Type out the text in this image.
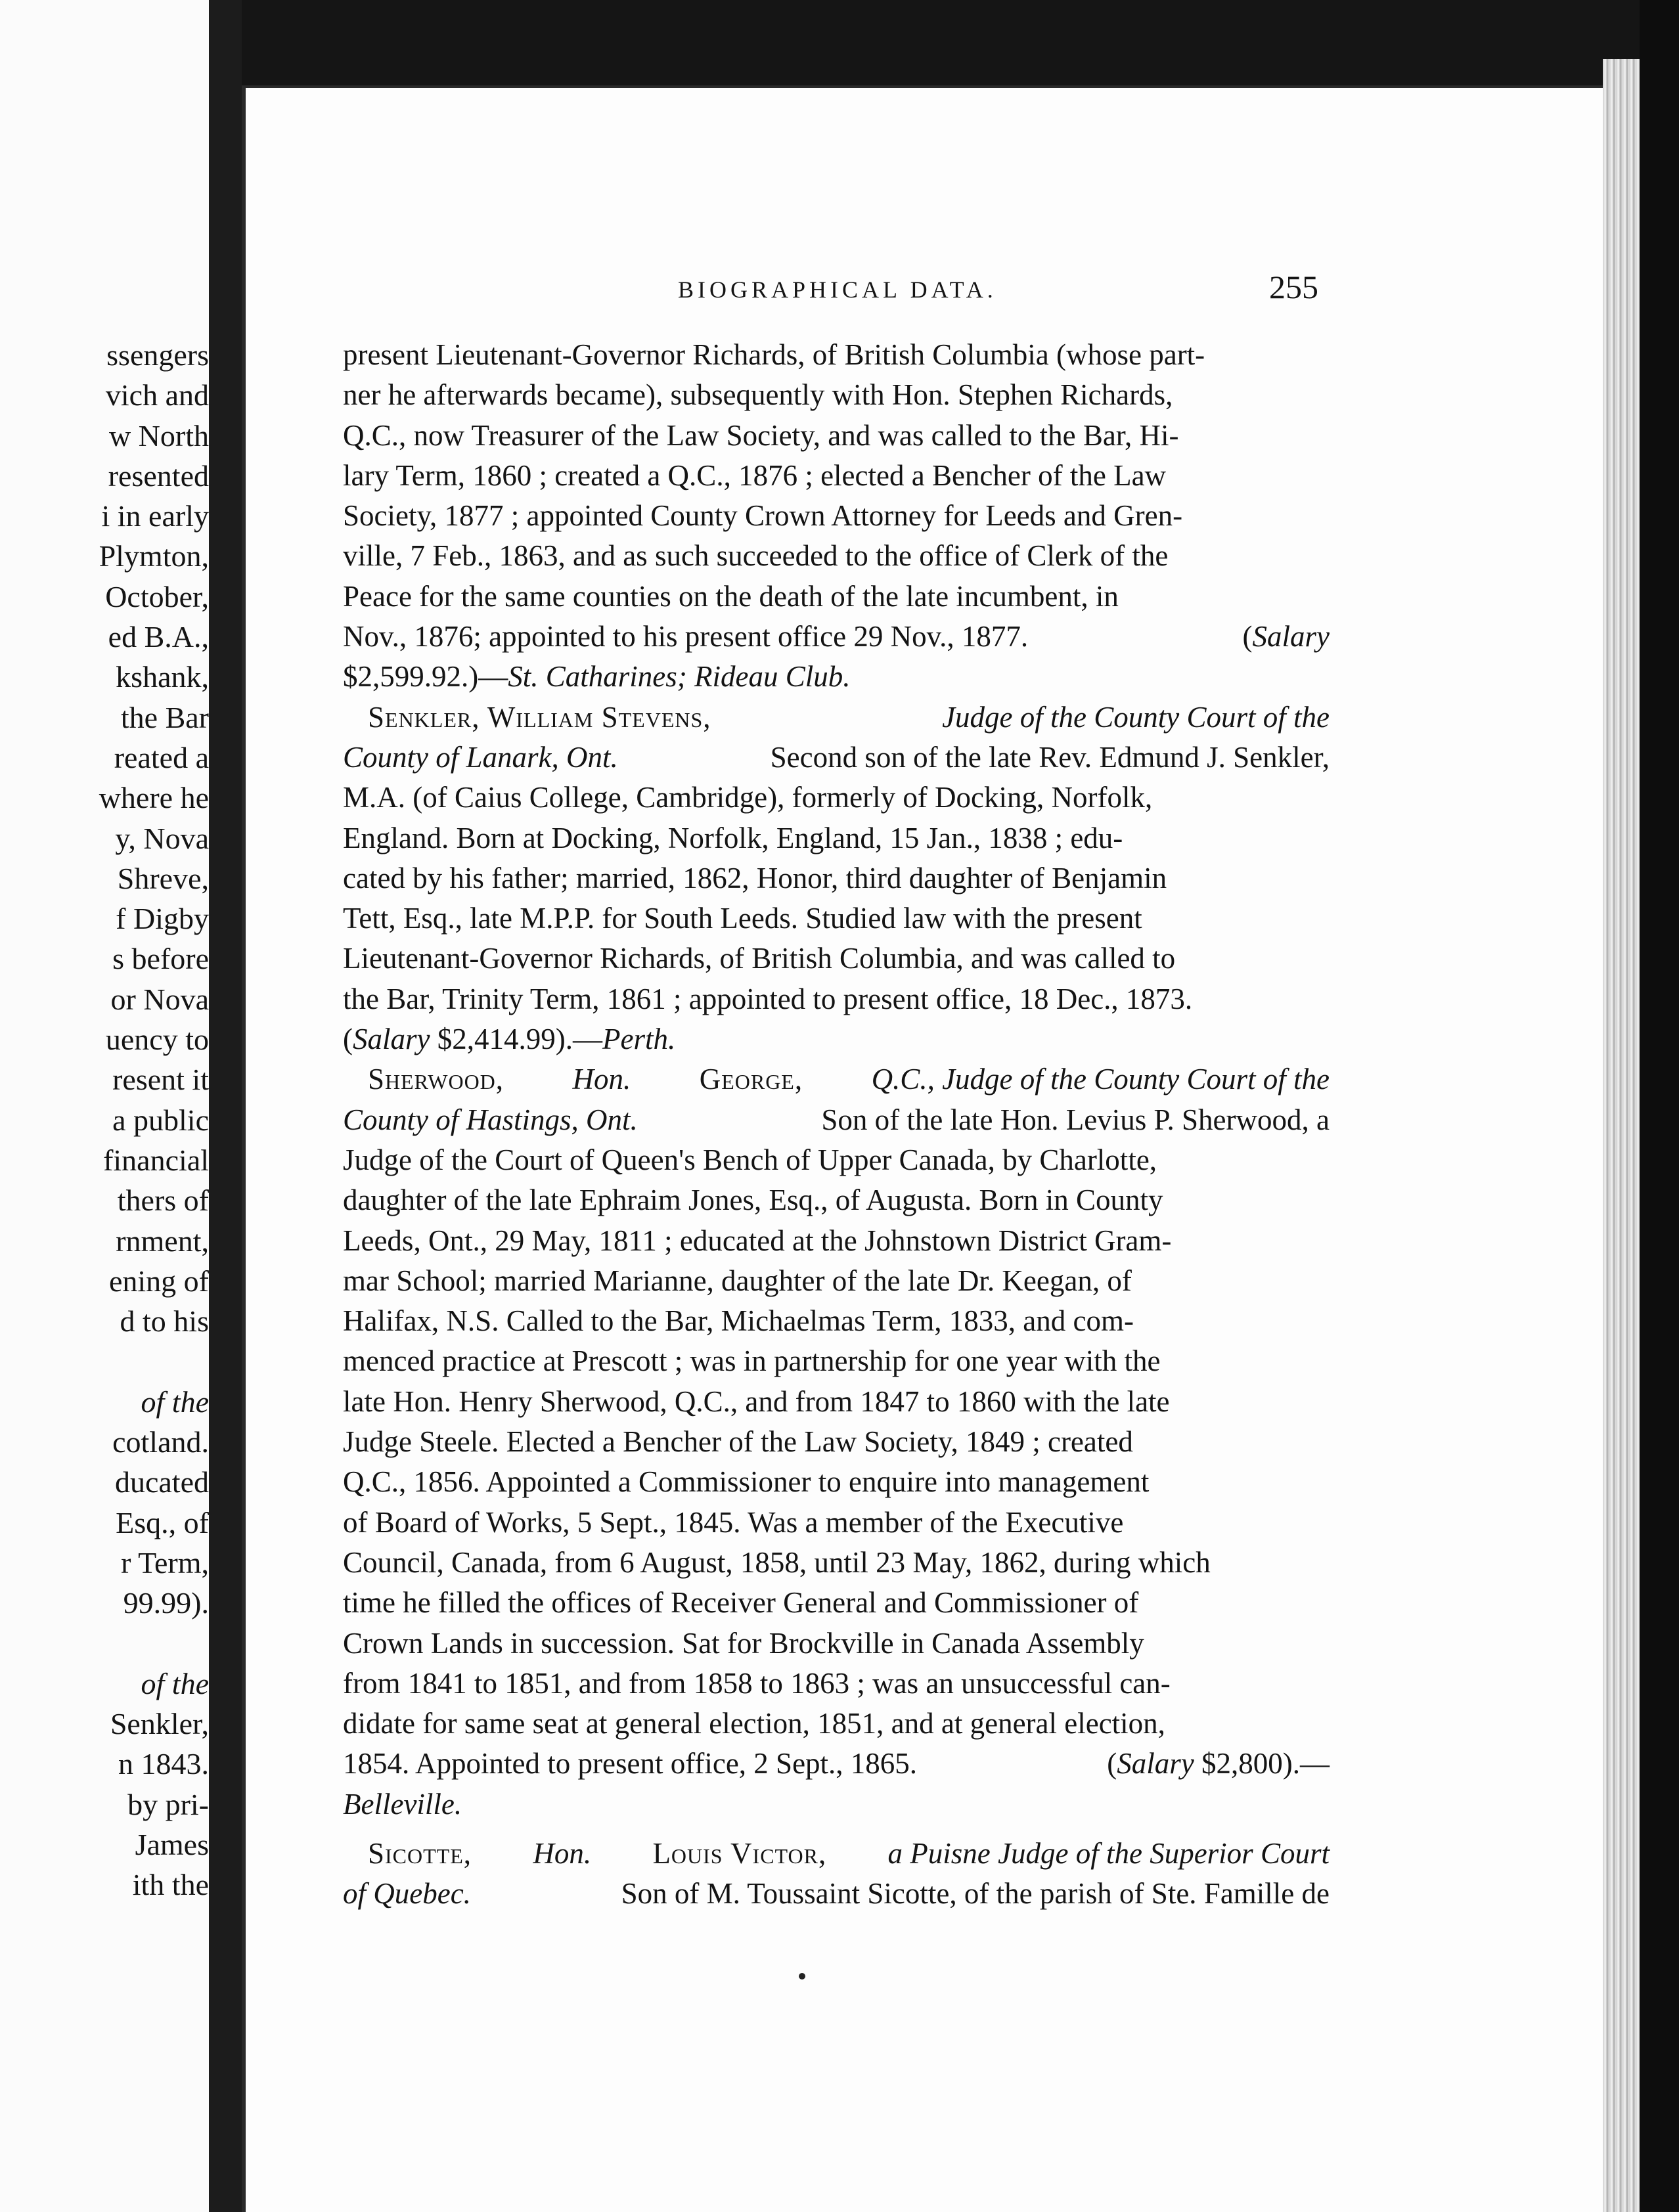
ssengers
vich and
w North
resented
i in early
Plymton,
October,
ed B.A.,
kshank,
the Bar
reated a
where he
y, Nova
Shreve,
f Digby
s before
or Nova
uency to
resent it
a public
financial
thers of
rnment,
ening of
d to his
of the
cotland.
ducated
Esq., of
r Term,
99.99).
of the
Senkler,
n 1843.
by pri-
James
ith the
BIOGRAPHICAL DATA.	255
present Lieutenant-Governor Richards, of British Columbia (whose part-
ner he afterwards became), subsequently with Hon. Stephen Richards,
Q.C., now Treasurer of the Law Society, and was called to the Bar, Hi-
lary Term, 1860 ; created a Q.C., 1876 ; elected a Bencher of the Law
Society, 1877 ; appointed County Crown Attorney for Leeds and Gren-
ville, 7 Feb., 1863, and as such succeeded to the office of Clerk of the
Peace for the same counties on the death of the late incumbent, in
Nov., 1876; appointed to his present office 29 Nov., 1877.	(Salary
$2,599.92.)— St. Catharines; Rideau Club.
Senkler, William Stevens,	Judge of the County Court of the
County of Lanark, Ont.	Second son of the late Rev. Edmund J. Senkler,
M.A. (of Caius College, Cambridge), formerly of Docking, Norfolk,
England. Born at Docking, Norfolk, England, 15 Jan., 1838 ; edu-
cated by his father; married, 1862, Honor, third daughter of Benjamin
Tett, Esq., late M.P.P. for South Leeds. Studied law with the present
Lieutenant-Governor Richards, of British Columbia, and was called to
the Bar, Trinity Term, 1861 ; appointed to present office, 18 Dec., 1873.
( Salary
$2,414.99).— Perth.
Sherwood, Hon. George, Q.C., Judge of the County Court of the
County of Hastings, Ont.	Son of the late Hon. Levius P. Sherwood, a
Judge of the Court of Queen's Bench of Upper Canada, by Charlotte,
daughter of the late Ephraim Jones, Esq., of Augusta. Born in County
Leeds, Ont., 29 May, 1811 ; educated at the Johnstown District Gram-
mar School; married Marianne, daughter of the late Dr. Keegan, of
Halifax, N.S. Called to the Bar, Michaelmas Term, 1833, and com-
menced practice at Prescott ; was in partnership for one year with the
late Hon. Henry Sherwood, Q.C., and from 1847 to 1860 with the late
Judge Steele. Elected a Bencher of the Law Society, 1849 ; created
Q.C., 1856. Appointed a Commissioner to enquire into management
of Board of Works, 5 Sept., 1845. Was a member of the Executive
Council, Canada, from 6 August, 1858, until 23 May, 1862, during which
time he filled the offices of Receiver General and Commissioner of
Crown Lands in succession. Sat for Brockville in Canada Assembly
from 1841 to 1851, and from 1858 to 1863 ; was an unsuccessful can-
didate for same seat at general election, 1851, and at general election,
1854. Appointed to present office, 2 Sept., 1865.	(Salary $2,800).—
Belleville.
Sicotte, Hon. Louis Victor, a Puisne Judge of the Superior Court
of Quebec.	Son of M. Toussaint Sicotte, of the parish of Ste. Famille de
